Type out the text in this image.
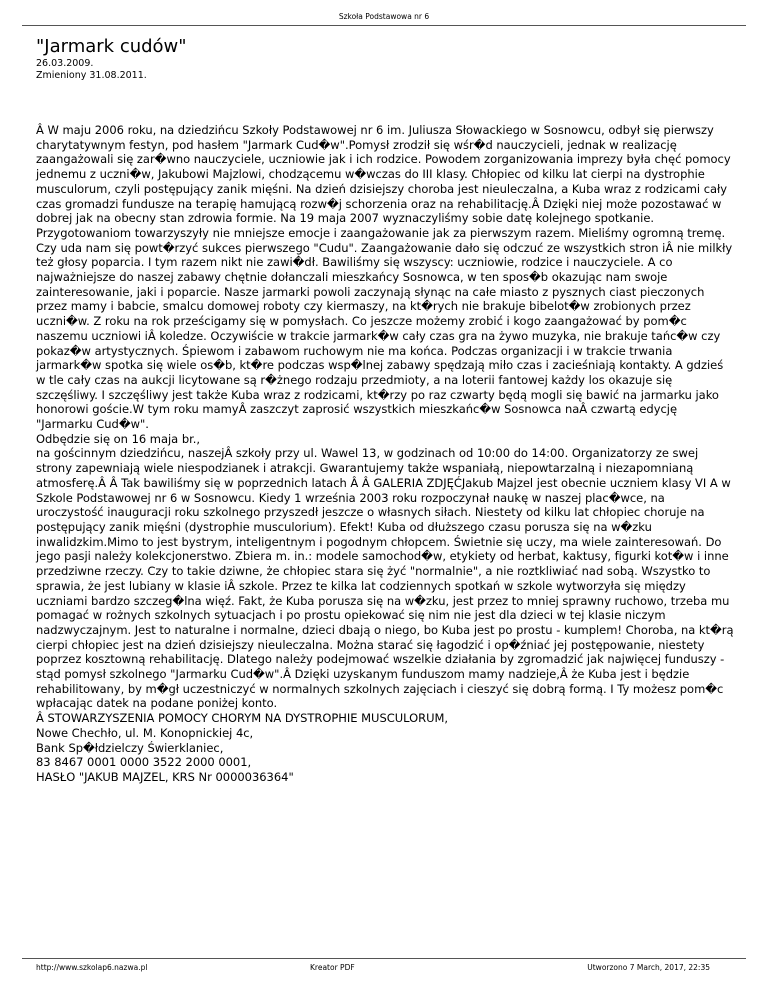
Szkoła Podstawowa nr 6
"Jarmark cudów"
26.03.2009.
Zmieniony 31.08.2011.

Â W maju 2006 roku, na dziedzińcu Szkoły Podstawowej nr 6 im. Juliusza Słowackiego w Sosnowcu, odbył się pierwszy charytatywnym festyn, pod hasłem "Jarmark Cud�w".Pomysł zrodził się wśr�d nauczycieli, jednak w realizację zaangażowali się zar�wno nauczyciele, uczniowie jak i ich rodzice. Powodem zorganizowania imprezy była chęć pomocy jednemu z uczni�w, Jakubowi Majzlowi, chodzącemu w�wczas do III klasy. Chłopiec od kilku lat cierpi na dystrophie musculorum, czyli postępujący zanik mięśni. Na dzień dzisiejszy choroba jest nieuleczalna, a Kuba wraz z rodzicami cały czas gromadzi fundusze na terapię hamującą rozw�j schorzenia oraz na rehabilitację.Â Dzięki niej może pozostawać w dobrej jak na obecny stan zdrowia formie. Na 19 maja 2007 wyznaczyliśmy sobie datę kolejnego spotkanie. Przygotowaniom towarzyszyły nie mniejsze emocje i zaangażowanie jak za pierwszym razem. Mieliśmy ogromną tremę. Czy uda nam się powt�rzyć sukces pierwszego "Cudu". Zaangażowanie dało się odczuć ze wszystkich stron iÂ nie milkły też głosy poparcia. I tym razem nikt nie zawi�dł. Bawiliśmy się wszyscy: uczniowie, rodzice i nauczyciele. A co najważniejsze do naszej zabawy chętnie dołanczali mieszkańcy Sosnowca, w ten spos�b okazując nam swoje zainteresowanie, jaki i poparcie. Nasze jarmarki powoli zaczynają słynąc na całe miasto z pysznych ciast pieczonych przez mamy i babcie, smalcu domowej roboty czy kiermaszy, na kt�rych nie brakuje bibelot�w zrobionych przez uczni�w. Z roku na rok prześcigamy się w pomysłach. Co jeszcze możemy zrobić i kogo zaangażować by pom�c naszemu uczniowi iÂ koledze. Oczywiście w trakcie jarmark�w cały czas gra na żywo muzyka, nie brakuje tańc�w czy pokaz�w artystycznych. Śpiewom i zabawom ruchowym nie ma końca. Podczas organizacji i w trakcie trwania jarmark�w spotka się wiele os�b, kt�re podczas wsp�lnej zabawy spędzają miło czas i zacieśniają kontakty. A gdzieś w tle cały czas na aukcji licytowane są r�żnego rodzaju przedmioty, a na loterii fantowej każdy los okazuje się szczęśliwy. I szczęśliwy jest także Kuba wraz z rodzicami, kt�rzy po raz czwarty będą mogli się bawić na jarmarku jako honorowi goście.W tym roku mamyÂ zaszczyt zaprosić wszystkich mieszkańc�w Sosnowca naÂ czwartą edycję "Jarmarku Cud�w".

Odbędzie się on 16 maja br.,

na gościnnym dziedzińcu, naszejÂ szkoły przy ul. Wawel 13, w godzinach od 10:00 do 14:00. Organizatorzy ze swej strony zapewniają wiele niespodzianek i atrakcji. Gwarantujemy także wspaniałą, niepowtarzalną i niezapomnianą atmosferę.Â Â Tak bawiliśmy się w poprzednich latach Â Â GALERIA ZDJĘĆJakub Majzel jest obecnie uczniem klasy VI A w Szkole Podstawowej nr 6 w Sosnowcu. Kiedy 1 września 2003 roku rozpoczynał naukę w naszej plac�wce, na uroczystość inauguracji roku szkolnego przyszedł jeszcze o własnych siłach. Niestety od kilku lat chłopiec choruje na postępujący zanik mięśni (dystrophie musculorium). Efekt! Kuba od dłuższego czasu porusza się na w�zku inwalidzkim.Mimo to jest bystrym, inteligentnym i pogodnym chłopcem. Świetnie się uczy, ma wiele zainteresowań. Do jego pasji należy kolekcjonerstwo. Zbiera m. in.: modele samochod�w, etykiety od herbat, kaktusy, figurki kot�w i inne przedziwne rzeczy. Czy to takie dziwne, że chłopiec stara się żyć "normalnie", a nie roztkliwiać nad sobą. Wszystko to sprawia, że jest lubiany w klasie iÂ szkole. Przez te kilka lat codziennych spotkań w szkole wytworzyła się między uczniami bardzo szczeg�lna więź. Fakt, że Kuba porusza się na w�zku, jest przez to mniej sprawny ruchowo, trzeba mu pomagać w rożnych szkolnych sytuacjach i po prostu opiekować się nim nie jest dla dzieci w tej klasie niczym nadzwyczajnym. Jest to naturalne i normalne, dzieci dbają o niego, bo Kuba jest po prostu - kumplem! Choroba, na kt�rą cierpi chłopiec jest na dzień dzisiejszy nieuleczalna. Można starać się łagodzić i op�źniać jej postępowanie, niestety poprzez kosztowną rehabilitację. Dlatego należy podejmować wszelkie działania by zgromadzić jak najwięcej funduszy - stąd pomysł szkolnego "Jarmarku Cud�w".Â Dzięki uzyskanym funduszom mamy nadzieje,Â że Kuba jest i będzie rehabilitowany, by m�gł uczestniczyć w normalnych szkolnych zajęciach i cieszyć się dobrą formą. I Ty możesz pom�c wpłacając datek na podane poniżej konto.

Â STOWARZYSZENIA POMOCY CHORYM NA DYSTROPHIE MUSCULORUM,

Nowe Chechło, ul. M. Konopnickiej 4c,

Bank Sp�łdzielczy Świerklaniec,

83 8467 0001 0000 3522 2000 0001,

HASŁO "JAKUB MAJZEL, KRS Nr 0000036364"

http://www.szkolap6.nazwa.pl	Kreator PDF	Utworzono 7 March, 2017, 22:35
